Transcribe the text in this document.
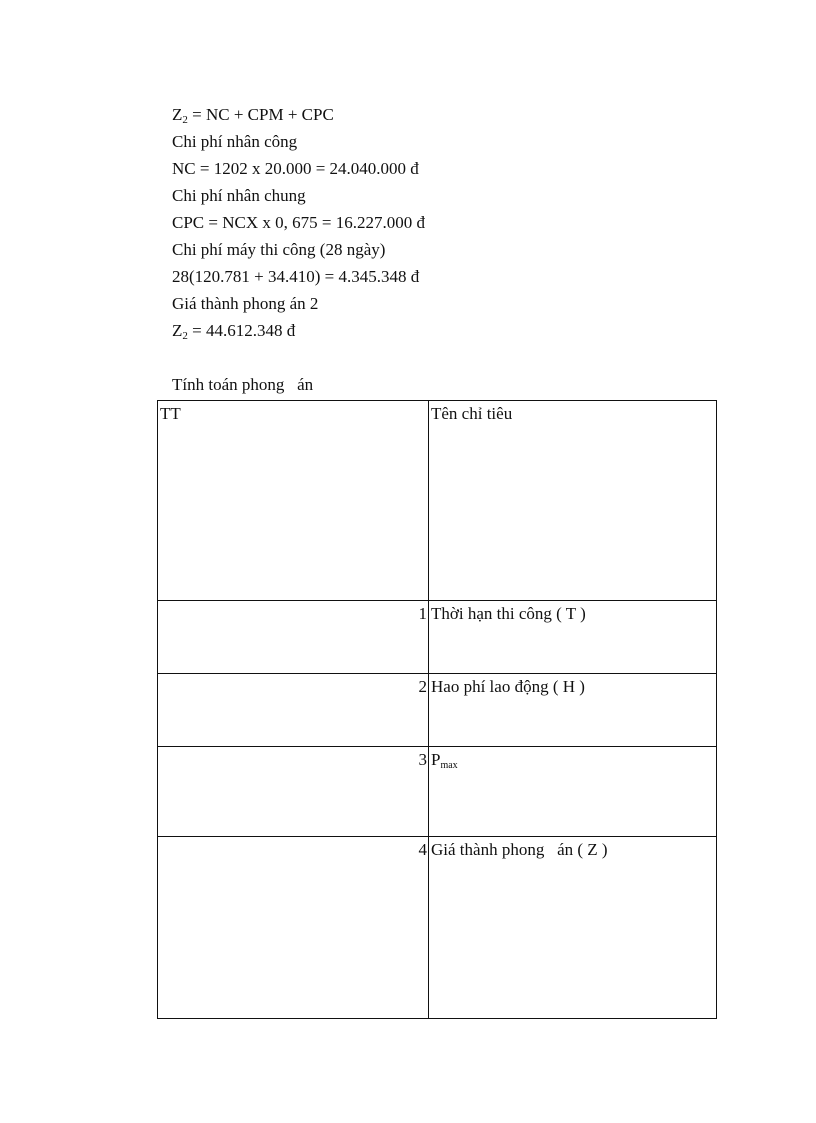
$Z_2$ = NC + CPM + CPC
Chi phí nhân công
NC = 1202 x 20.000 = 24.040.000 đ
Chi phí nhân chung
CPC = NCX x 0, 675 = 16.227.000 đ
Chi phí máy thi công (28 ngày)
28(120.781 + 34.410) = 4.345.348 đ
Giá thành phong án 2
$Z_2 = 44.612.348$ đ
Tính toán phong   án
TT	Tên chỉ tiêu
1	Thời hạn thi công ( T )
2	Hao phí lao động ( H )
3	Pmax
4	Giá thành phong   án ( Z )
